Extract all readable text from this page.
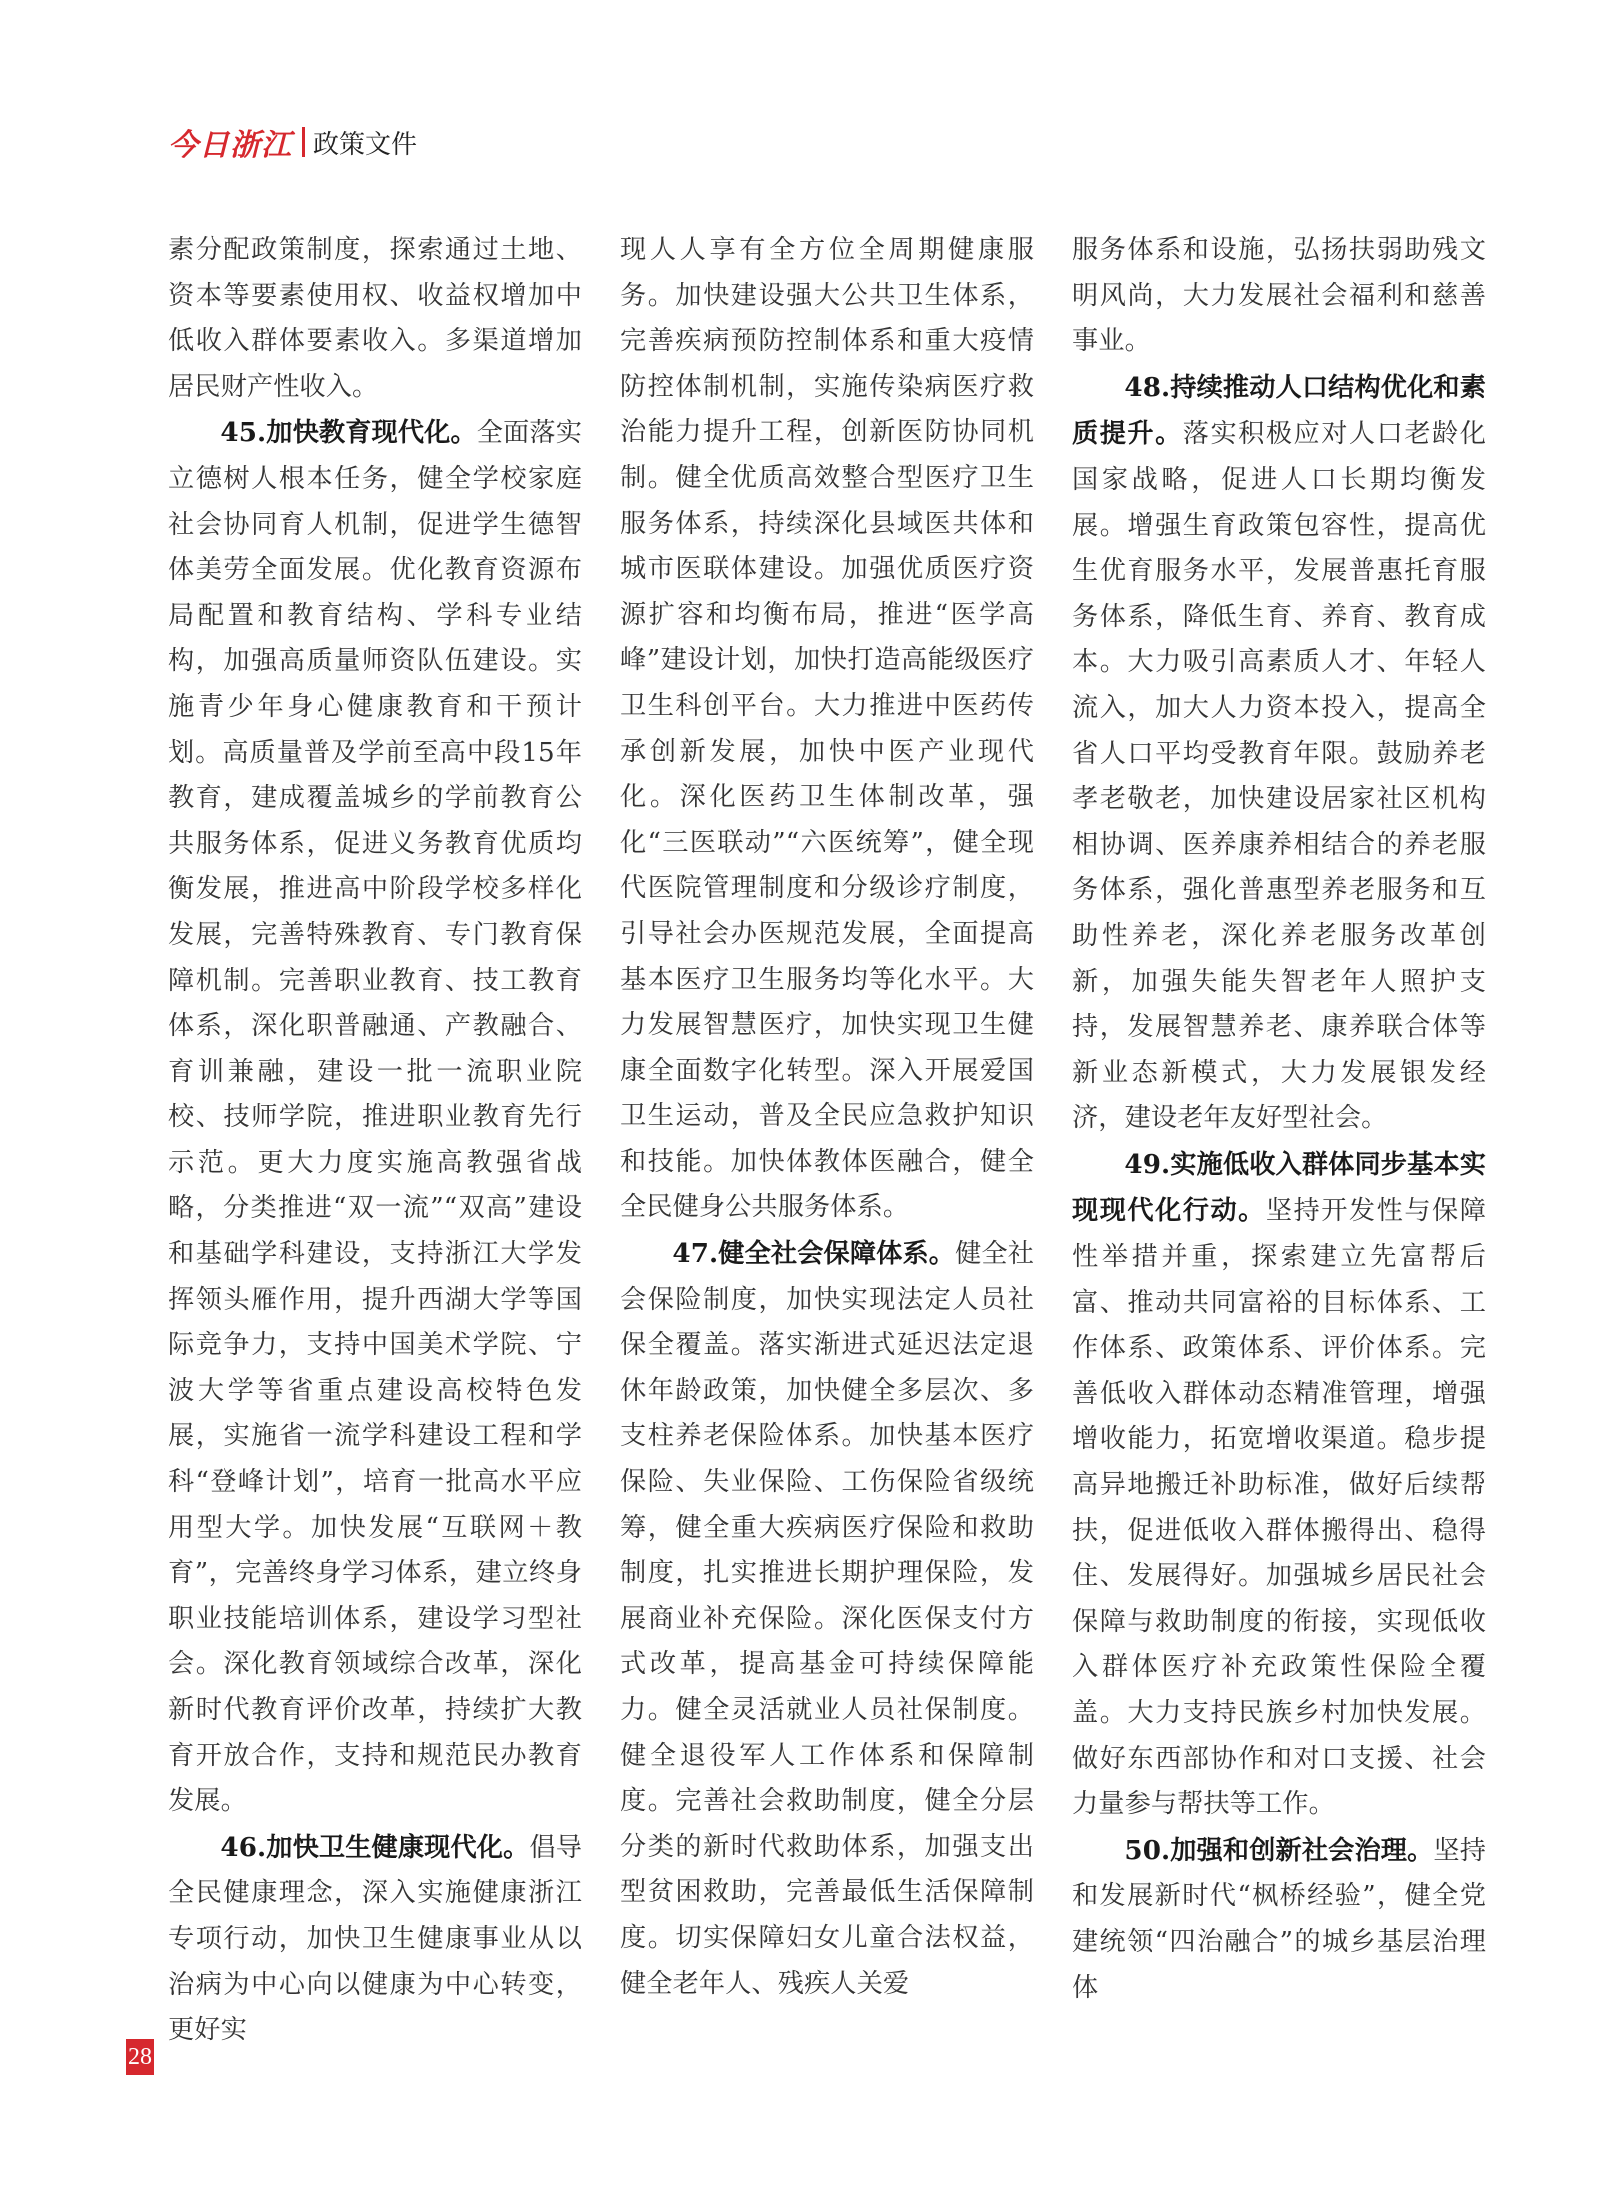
今日浙江 政策文件

素分配政策制度，探索通过土地、资本等要素使用权、收益权增加中低收入群体要素收入。多渠道增加居民财产性收入。

45.加快教育现代化。全面落实立德树人根本任务，健全学校家庭社会协同育人机制，促进学生德智体美劳全面发展。优化教育资源布局配置和教育结构、学科专业结构，加强高质量师资队伍建设。实施青少年身心健康教育和干预计划。高质量普及学前至高中段15年教育，建成覆盖城乡的学前教育公共服务体系，促进义务教育优质均衡发展，推进高中阶段学校多样化发展，完善特殊教育、专门教育保障机制。完善职业教育、技工教育体系，深化职普融通、产教融合、育训兼融，建设一批一流职业院校、技师学院，推进职业教育先行示范。更大力度实施高教强省战略，分类推进“双一流”“双高”建设和基础学科建设，支持浙江大学发挥领头雁作用，提升西湖大学等国际竞争力，支持中国美术学院、宁波大学等省重点建设高校特色发展，实施省一流学科建设工程和学科“登峰计划”，培育一批高水平应用型大学。加快发展“互联网＋教育”，完善终身学习体系，建立终身职业技能培训体系，建设学习型社会。深化教育领域综合改革，深化新时代教育评价改革，持续扩大教育开放合作，支持和规范民办教育发展。

46.加快卫生健康现代化。倡导全民健康理念，深入实施健康浙江专项行动，加快卫生健康事业从以治病为中心向以健康为中心转变，更好实

现人人享有全方位全周期健康服务。加快建设强大公共卫生体系，完善疾病预防控制体系和重大疫情防控体制机制，实施传染病医疗救治能力提升工程，创新医防协同机制。健全优质高效整合型医疗卫生服务体系，持续深化县域医共体和城市医联体建设。加强优质医疗资源扩容和均衡布局，推进“医学高峰”建设计划，加快打造高能级医疗卫生科创平台。大力推进中医药传承创新发展，加快中医产业现代化。深化医药卫生体制改革，强化“三医联动”“六医统筹”，健全现代医院管理制度和分级诊疗制度，引导社会办医规范发展，全面提高基本医疗卫生服务均等化水平。大力发展智慧医疗，加快实现卫生健康全面数字化转型。深入开展爱国卫生运动，普及全民应急救护知识和技能。加快体教体医融合，健全全民健身公共服务体系。

47.健全社会保障体系。健全社会保险制度，加快实现法定人员社保全覆盖。落实渐进式延迟法定退休年龄政策，加快健全多层次、多支柱养老保险体系。加快基本医疗保险、失业保险、工伤保险省级统筹，健全重大疾病医疗保险和救助制度，扎实推进长期护理保险，发展商业补充保险。深化医保支付方式改革，提高基金可持续保障能力。健全灵活就业人员社保制度。健全退役军人工作体系和保障制度。完善社会救助制度，健全分层分类的新时代救助体系，加强支出型贫困救助，完善最低生活保障制度。切实保障妇女儿童合法权益，健全老年人、残疾人关爱

服务体系和设施，弘扬扶弱助残文明风尚，大力发展社会福利和慈善事业。

48.持续推动人口结构优化和素质提升。落实积极应对人口老龄化国家战略，促进人口长期均衡发展。增强生育政策包容性，提高优生优育服务水平，发展普惠托育服务体系，降低生育、养育、教育成本。大力吸引高素质人才、年轻人流入，加大人力资本投入，提高全省人口平均受教育年限。鼓励养老孝老敬老，加快建设居家社区机构相协调、医养康养相结合的养老服务体系，强化普惠型养老服务和互助性养老，深化养老服务改革创新，加强失能失智老年人照护支持，发展智慧养老、康养联合体等新业态新模式，大力发展银发经济，建设老年友好型社会。

49.实施低收入群体同步基本实现现代化行动。坚持开发性与保障性举措并重，探索建立先富帮后富、推动共同富裕的目标体系、工作体系、政策体系、评价体系。完善低收入群体动态精准管理，增强增收能力，拓宽增收渠道。稳步提高异地搬迁补助标准，做好后续帮扶，促进低收入群体搬得出、稳得住、发展得好。加强城乡居民社会保障与救助制度的衔接，实现低收入群体医疗补充政策性保险全覆盖。大力支持民族乡村加快发展。做好东西部协作和对口支援、社会力量参与帮扶等工作。

50.加强和创新社会治理。坚持和发展新时代“枫桥经验”，健全党建统领“四治融合”的城乡基层治理体

28
